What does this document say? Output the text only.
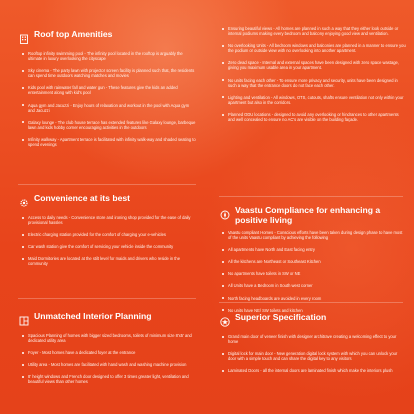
Roof top Amenities
Rooftop infinity swimming pool - The infinity pool located in the rooftop is arguably the ultimate in luxury overlooking the cityscape
Sky cinema - The party lawn with projector screen facility is planned such that, the residents can spend time outdoors watching matches and movies
Kids pool with rainwater fall and water gun - These features give the kids an added entertainment along with kid's pool
Aqua gym and Jacuzzi - Enjoy hours of relaxation and workout in the pool with Aqua gym and Jacuzzi
Galaxy lounge - The club house terrace has extended features like Galaxy lounge, barbeque lawn and kids hobby corner encouraging activities in the outdoors
Infinity walkway - Apartment terrace is facilitated with infinity walk-way and shaded seating to spend evenings
Convenience at its best
Access to daily needs - Convenience store and ironing shop provided for the ease of daily provisional hassles
Electric charging station provided for the comfort of charging your e-vehicles
Car wash station give the comfort of servicing your vehicle inside the community
Maid Dormitories are located at the stilt level for maids and drivers who reside in the community
Unmatched Interior Planning
Spacious Planning of homes with bigger sized bedrooms, toilets of minimum size 8'x5' and dedicated utility area
Foyer - Most homes have a dedicated foyer at the entrance
Utility area - Most homes are facilitated with hand wash and washing machine provision
8' height windows and French door designed to offer 3 times greater light, ventilation and beautiful views than other homes
Ensuring beautiful views - All homes are planned in such a way that they either look outside or internal podiums making every bedroom and balcony enjoying good view and ventilation.
No overlooking Units - All bedroom windows and balconies are planned in a manner to ensure you the podium or outside view with no overlooking into another apartment.
Zero dead space - Internal and external spaces have been designed with zero space wastage, giving you maximum usable area in your apartment.
No units facing each other - To ensure more privacy and security, units have been designed in such a way that the entrance doors do not face each other.
Lighting and ventilation - All windows, OTS, cutouts, shafts ensure ventilation not only within your apartment but also in the corridors.
Planned ODU locations - designed to avoid any overlooking or hindrances to other apartments and well concealed to ensure no AC's are visible on the building façade.
Vaastu Compliance for enhancing a positive living
Vaastu compliant Homes - Conscious efforts have been taken during design phase to have most of the units Vaastu compliant by achieving the following
All apartments have North and East facing entry
All the kitchens are Northeast or Southeast Kitchen
No apartments have toilets in SW or NE
All Units have a Bedroom in South west corner
North facing headboards are avoided in every room
No units have NE/ SW toilets and kitchen
Superior Specification
Grand main door of veneer finish with designer architrave creating a welcoming effect to your home
Digital lock for main door - New generation digital lock system with which you can unlock your door with a simple touch and can share the digital key to any visitors
Laminated Doors - all the internal doors are laminated finish which make the interiors plush
